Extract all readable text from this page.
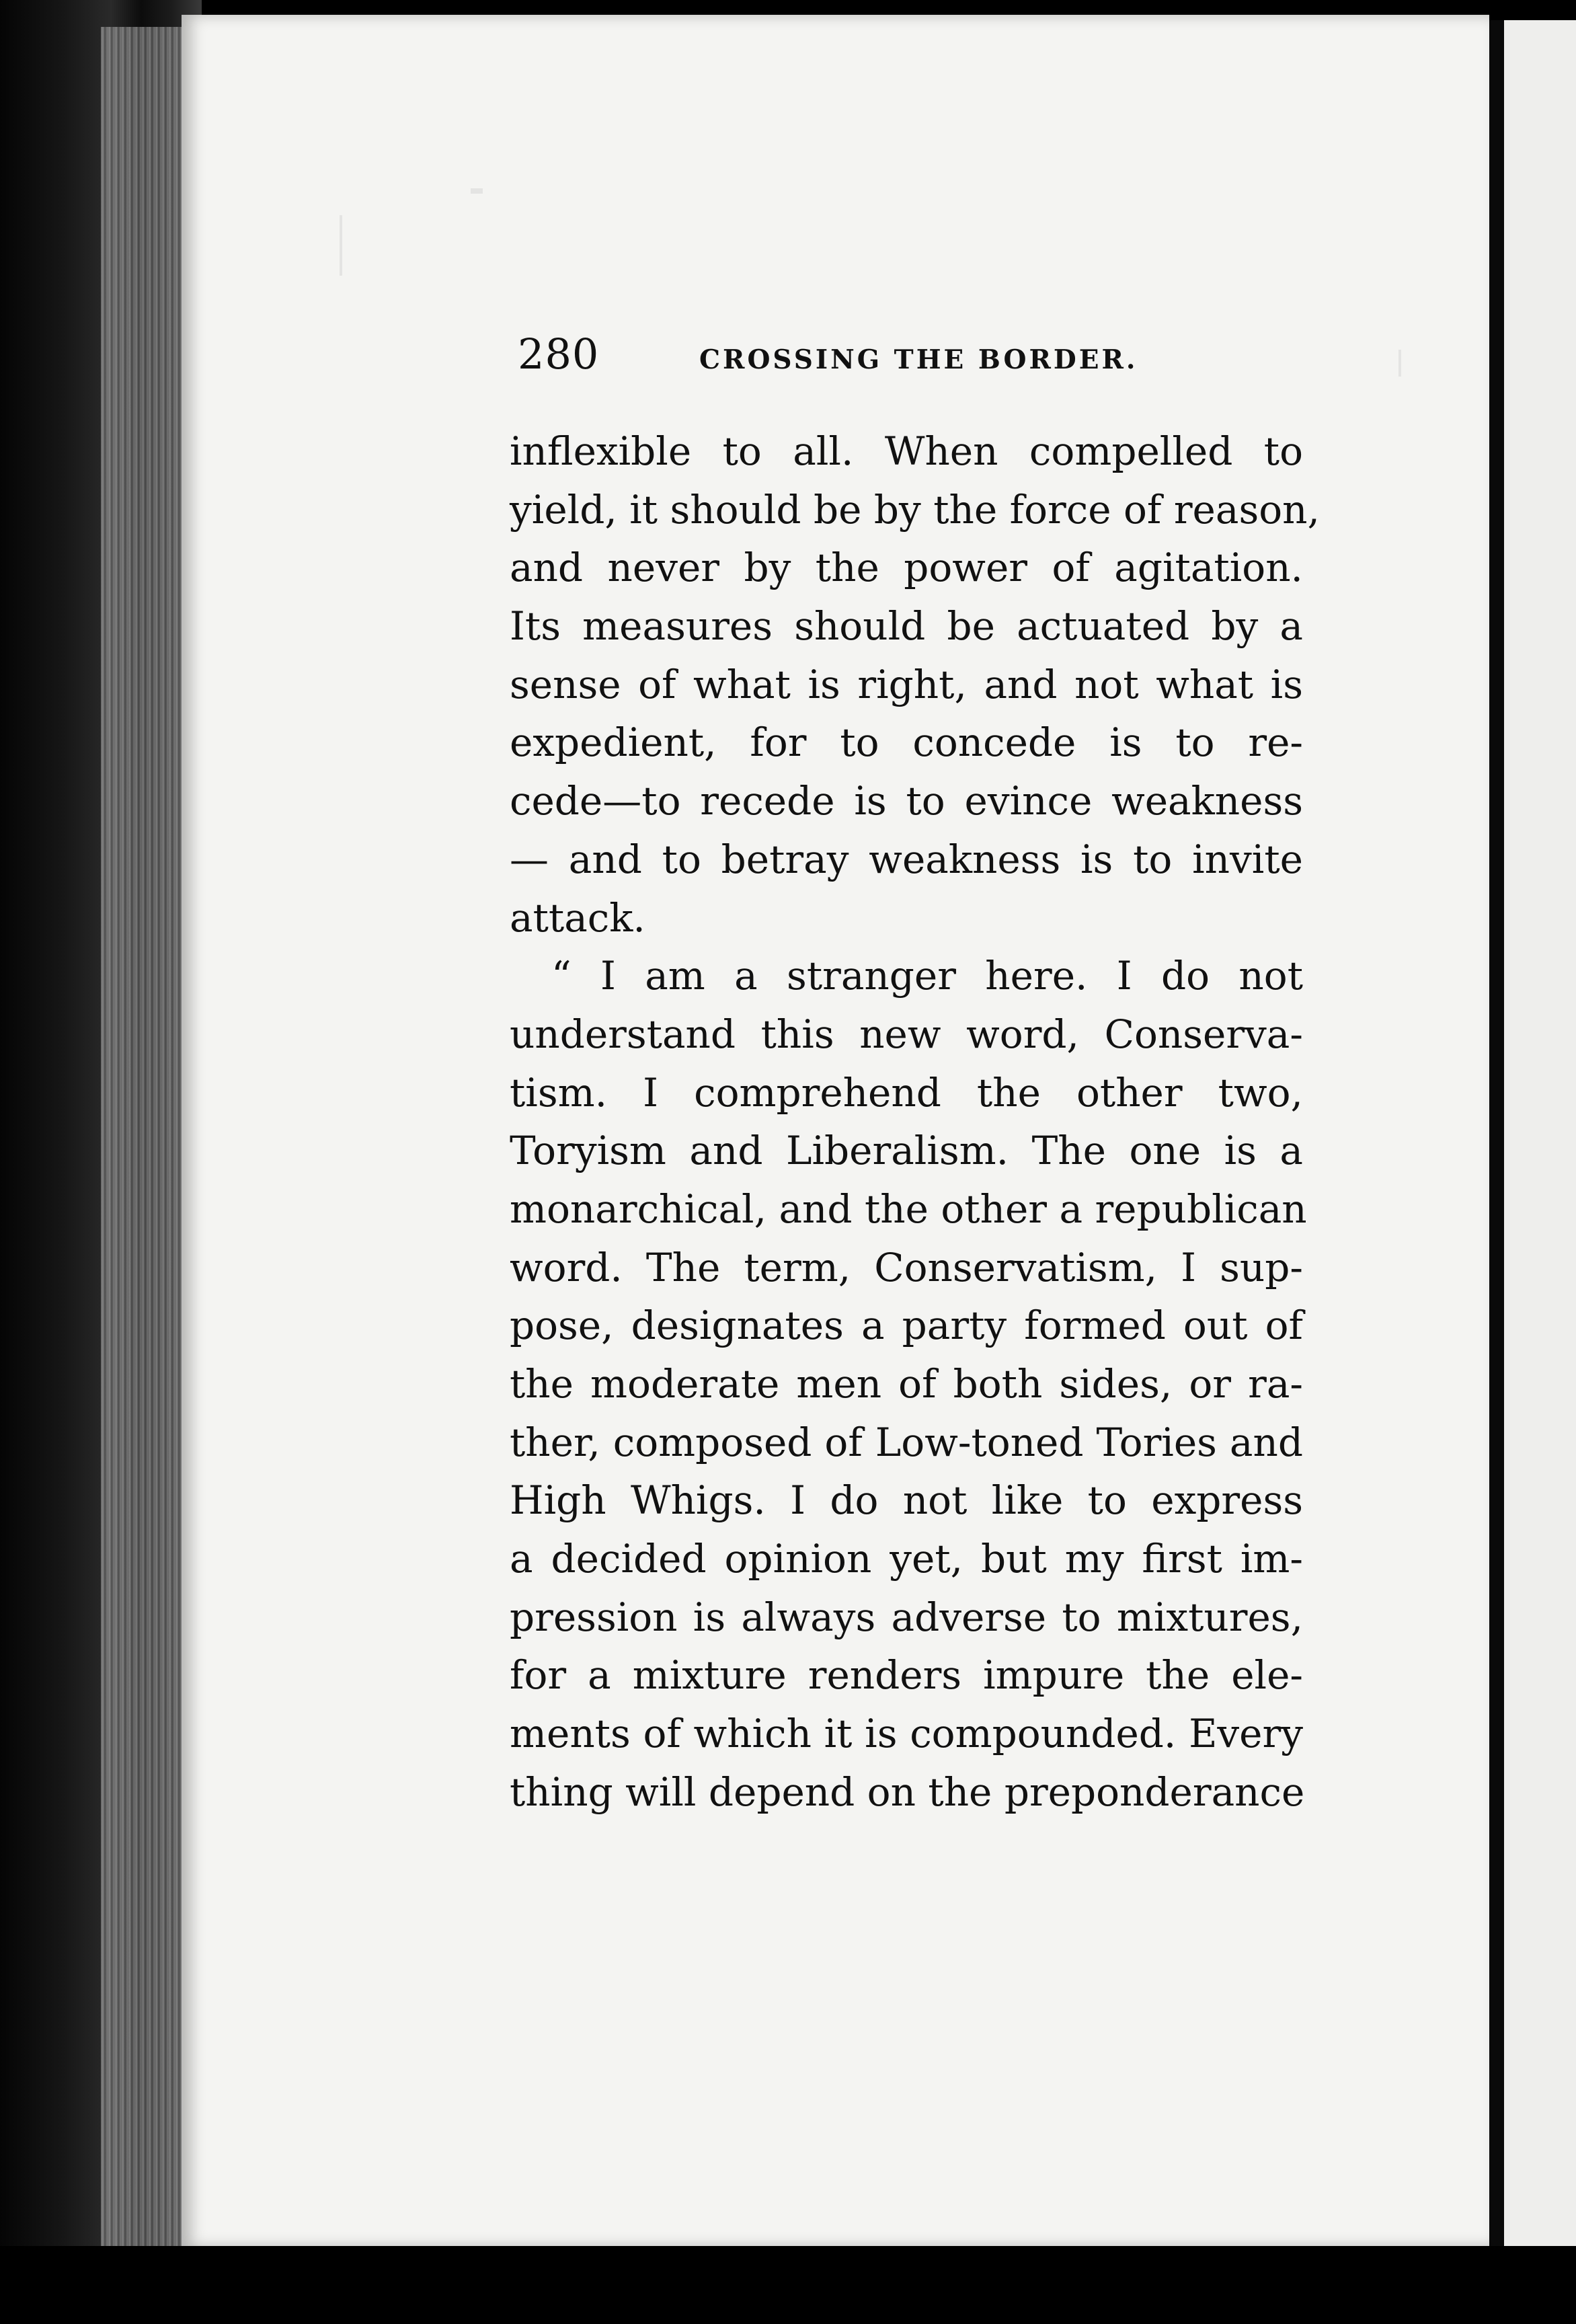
280	CROSSING THE BORDER.
inflexible to all. When compelled to
yield, it should be by the force of reason,
and never by the power of agitation.
Its measures should be actuated by a
sense of what is right, and not what is
expedient, for to concede is to re-
cede—to recede is to evince weakness
— and to betray weakness is to invite
attack.
“ I am a stranger here. I do not
understand this new word, Conserva-
tism. I comprehend the other two,
Toryism and Liberalism. The one is a
monarchical, and the other a republican
word. The term, Conservatism, I sup-
pose, designates a party formed out of
the moderate men of both sides, or ra-
ther, composed of Low-toned Tories and
High Whigs. I do not like to express
a decided opinion yet, but my first im-
pression is always adverse to mixtures,
for a mixture renders impure the ele-
ments of which it is compounded. Every
thing will depend on the preponderance
